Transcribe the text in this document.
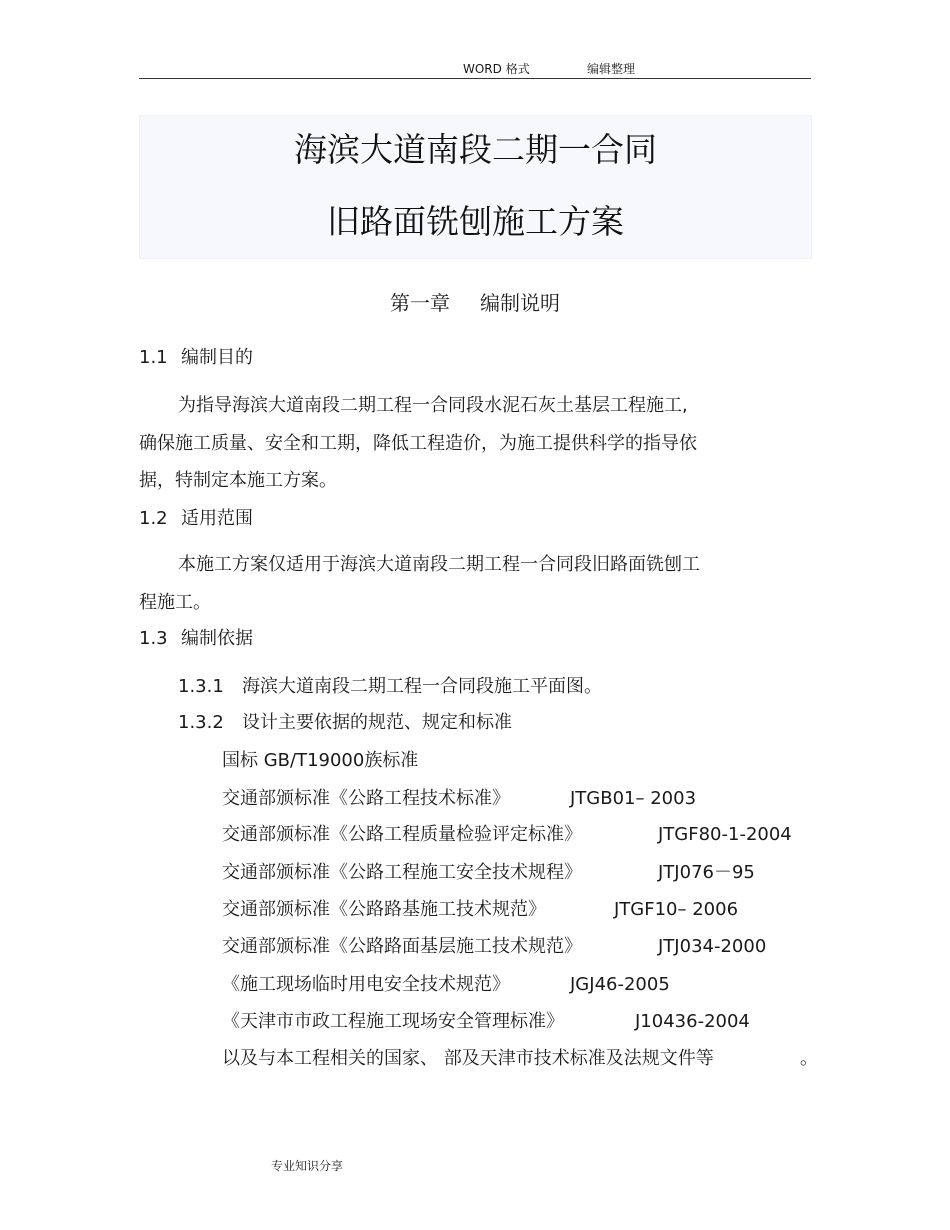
WORD 格式	编辑整理
海滨大道南段二期一合同
旧路面铣刨施工方案
第一章 编制说明
1.1 编制目的
为指导海滨大道南段二期工程一合同段水泥石灰土基层工程施工,
确保施工质量、安全和工期，降低工程造价，为施工提供科学的指导依
据，特制定本施工方案。
1.2 适用范围
本施工方案仅适用于海滨大道南段二期工程一合同段旧路面铣刨工
程施工。
1.3 编制依据
1.3.1 海滨大道南段二期工程一合同段施工平面图。
1.3.2 设计主要依据的规范、规定和标准
国标 GB/T19000族标准
交通部颁标准《公路工程技术标准》	JTGB01– 2003
交通部颁标准《公路工程质量检验评定标准》	JTGF80-1-2004
交通部颁标准《公路工程施工安全技术规程》	JTJ076－95
交通部颁标准《公路路基施工技术规范》	JTGF10– 2006
交通部颁标准《公路路面基层施工技术规范》	JTJ034-2000
《施工现场临时用电安全技术规范》	JGJ46-2005
《天津市市政工程施工现场安全管理标准》	J10436-2004
以及与本工程相关的国家、 部及天津市技术标准及法规文件等	。
专业知识分享
